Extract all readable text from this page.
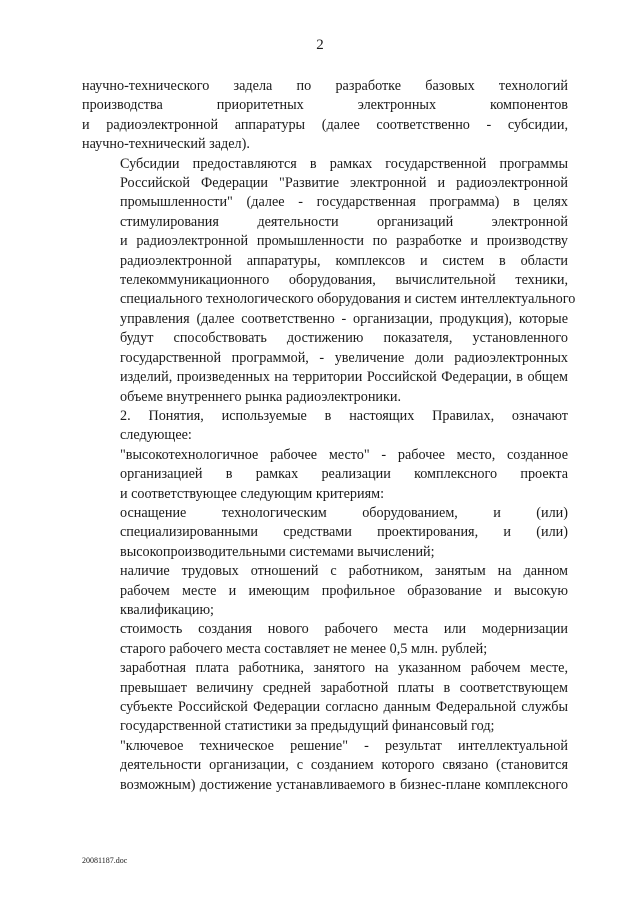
2

научно-технического задела по разработке базовых технологий
производства приоритетных электронных компонентов
и радиоэлектронной аппаратуры (далее соответственно - субсидии,
научно-технический задел).

Субсидии предоставляются в рамках государственной программы
Российской Федерации "Развитие электронной и радиоэлектронной
промышленности" (далее - государственная программа) в целях
стимулирования деятельности организаций электронной
и радиоэлектронной промышленности по разработке и производству
радиоэлектронной аппаратуры, комплексов и систем в области
телекоммуникационного оборудования, вычислительной техники,
специального технологического оборудования и систем интеллектуального
управления (далее соответственно - организации, продукция), которые
будут способствовать достижению показателя, установленного
государственной программой, - увеличение доли радиоэлектронных
изделий, произведенных на территории Российской Федерации, в общем
объеме внутреннего рынка радиоэлектроники.

2. Понятия, используемые в настоящих Правилах, означают
следующее:

"высокотехнологичное рабочее место" - рабочее место, созданное
организацией в рамках реализации комплексного проекта
и соответствующее следующим критериям:

оснащение технологическим оборудованием, и (или)
специализированными средствами проектирования, и (или)
высокопроизводительными системами вычислений;

наличие трудовых отношений с работником, занятым на данном
рабочем месте и имеющим профильное образование и высокую
квалификацию;

стоимость создания нового рабочего места или модернизации
старого рабочего места составляет не менее 0,5 млн. рублей;

заработная плата работника, занятого на указанном рабочем месте,
превышает величину средней заработной платы в соответствующем
субъекте Российской Федерации согласно данным Федеральной службы
государственной статистики за предыдущий финансовый год;

"ключевое техническое решение" - результат интеллектуальной
деятельности организации, с созданием которого связано (становится
возможным) достижение устанавливаемого в бизнес-плане комплексного

20081187.doc
